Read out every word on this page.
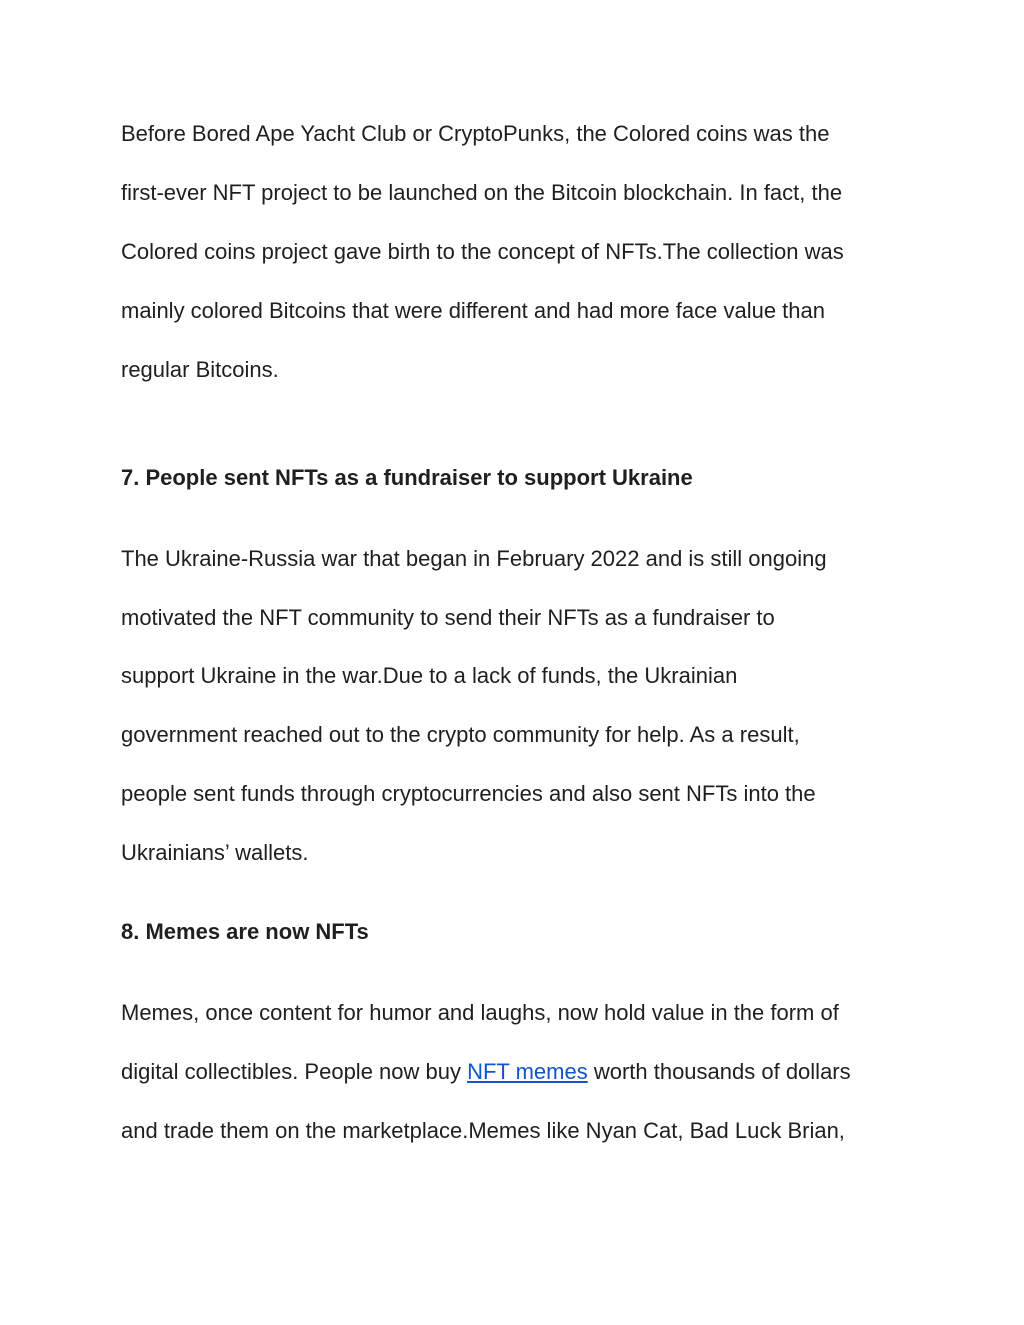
Before Bored Ape Yacht Club or CryptoPunks, the Colored coins was the
first-ever NFT project to be launched on the Bitcoin blockchain. In fact, the
Colored coins project gave birth to the concept of NFTs.The collection was
mainly colored Bitcoins that were different and had more face value than
regular Bitcoins.
7. People sent NFTs as a fundraiser to support Ukraine
The Ukraine-Russia war that began in February 2022 and is still ongoing
motivated the NFT community to send their NFTs as a fundraiser to
support Ukraine in the war.Due to a lack of funds, the Ukrainian
government reached out to the crypto community for help. As a result,
people sent funds through cryptocurrencies and also sent NFTs into the
Ukrainians’ wallets.
8. Memes are now NFTs
Memes, once content for humor and laughs, now hold value in the form of
digital collectibles. People now buy NFT memes worth thousands of dollars
and trade them on the marketplace.Memes like Nyan Cat, Bad Luck Brian,
